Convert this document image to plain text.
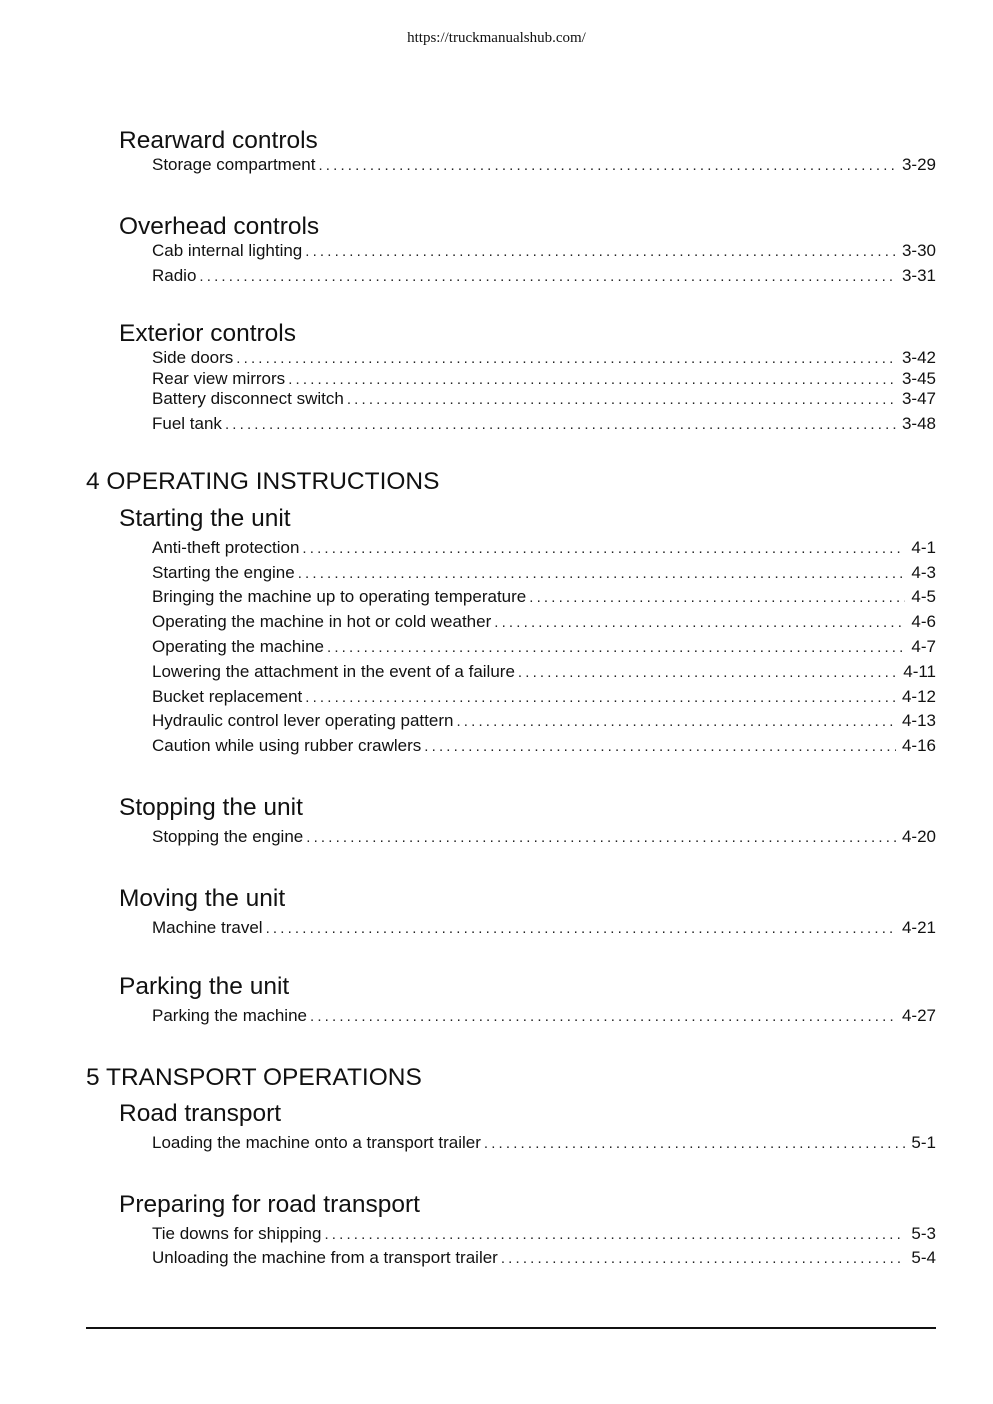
https://truckmanualshub.com/
Rearward controls
Storage compartment . . .	3-29
Overhead controls
Cab internal lighting . . .	3-30
Radio . . .	3-31
Exterior controls
Side doors . . .	3-42
Rear view mirrors . . .	3-45
Battery disconnect switch . . .	3-47
Fuel tank . . .	3-48
4 OPERATING INSTRUCTIONS
Starting the unit
Anti-theft protection . . .	4-1
Starting the engine . . .	4-3
Bringing the machine up to operating temperature . . .	4-5
Operating the machine in hot or cold weather . . .	4-6
Operating the machine . . .	4-7
Lowering the attachment in the event of a failure . . .	4-11
Bucket replacement . . .	4-12
Hydraulic control lever operating pattern . . .	4-13
Caution while using rubber crawlers . . .	4-16
Stopping the unit
Stopping the engine . . .	4-20
Moving the unit
Machine travel . . .	4-21
Parking the unit
Parking the machine . . .	4-27
5 TRANSPORT OPERATIONS
Road transport
Loading the machine onto a transport trailer . . .	5-1
Preparing for road transport
Tie downs for shipping . . .	5-3
Unloading the machine from a transport trailer . . .	5-4
